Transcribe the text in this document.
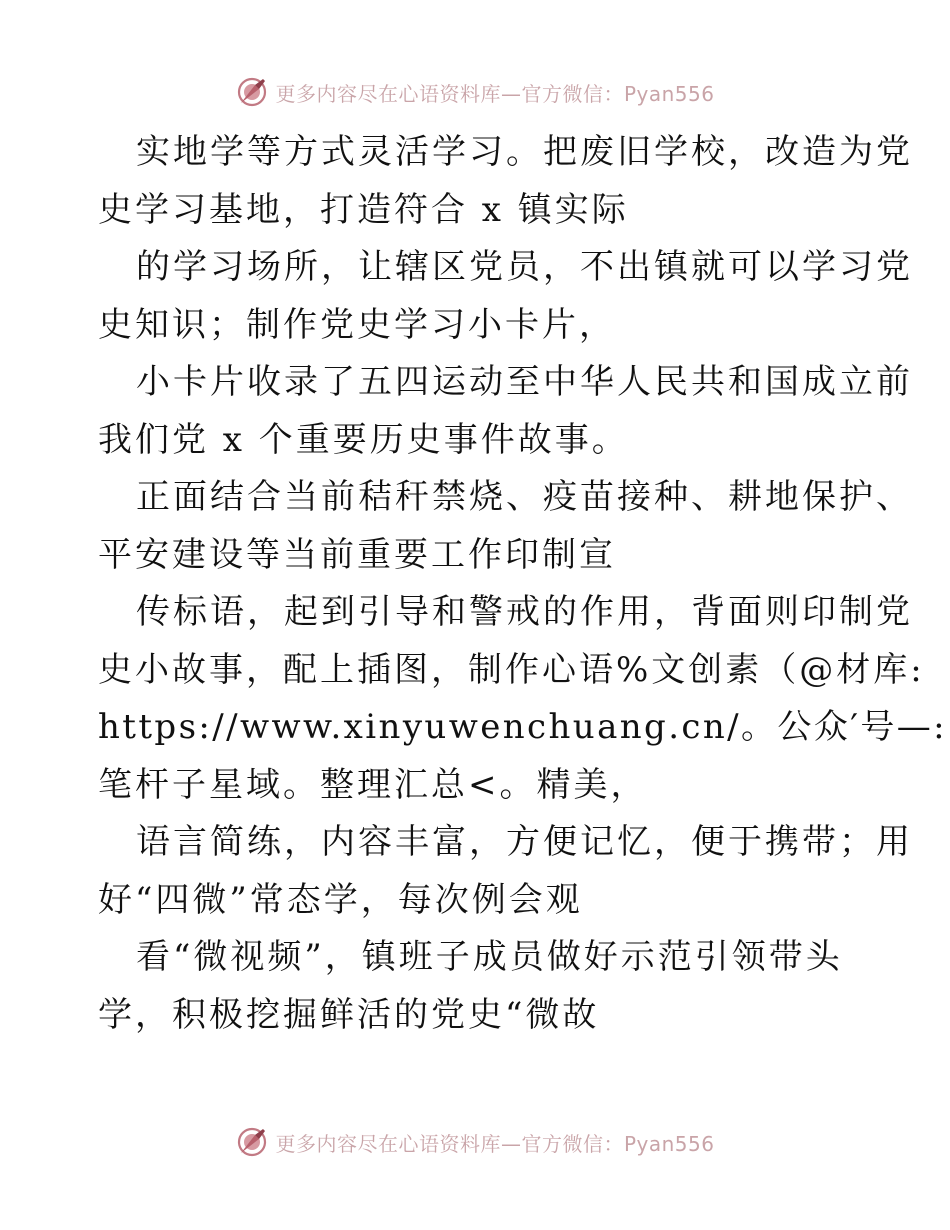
更多内容尽在心语资料库—官方微信：Pyan556
实地学等方式灵活学习。把废旧学校，改造为党
史学习基地，打造符合 x 镇实际
的学习场所，让辖区党员，不出镇就可以学习党
史知识；制作党史学习小卡片，
小卡片收录了五四运动至中华人民共和国成立前
我们党 x 个重要历史事件故事。
正面结合当前秸秆禁烧、疫苗接种、耕地保护、
平安建设等当前重要工作印制宣
传标语，起到引导和警戒的作用，背面则印制党
史小故事，配上插图，制作心语%文创素（@材库:
https://www.xinyuwenchuang.cn/。公众′号—:
笔杆子星域。整理汇总<。精美，
语言简练，内容丰富，方便记忆，便于携带；用
好“四微”常态学，每次例会观
看“微视频”，镇班子成员做好示范引领带头
学，积极挖掘鲜活的党史“微故
更多内容尽在心语资料库—官方微信：Pyan556
